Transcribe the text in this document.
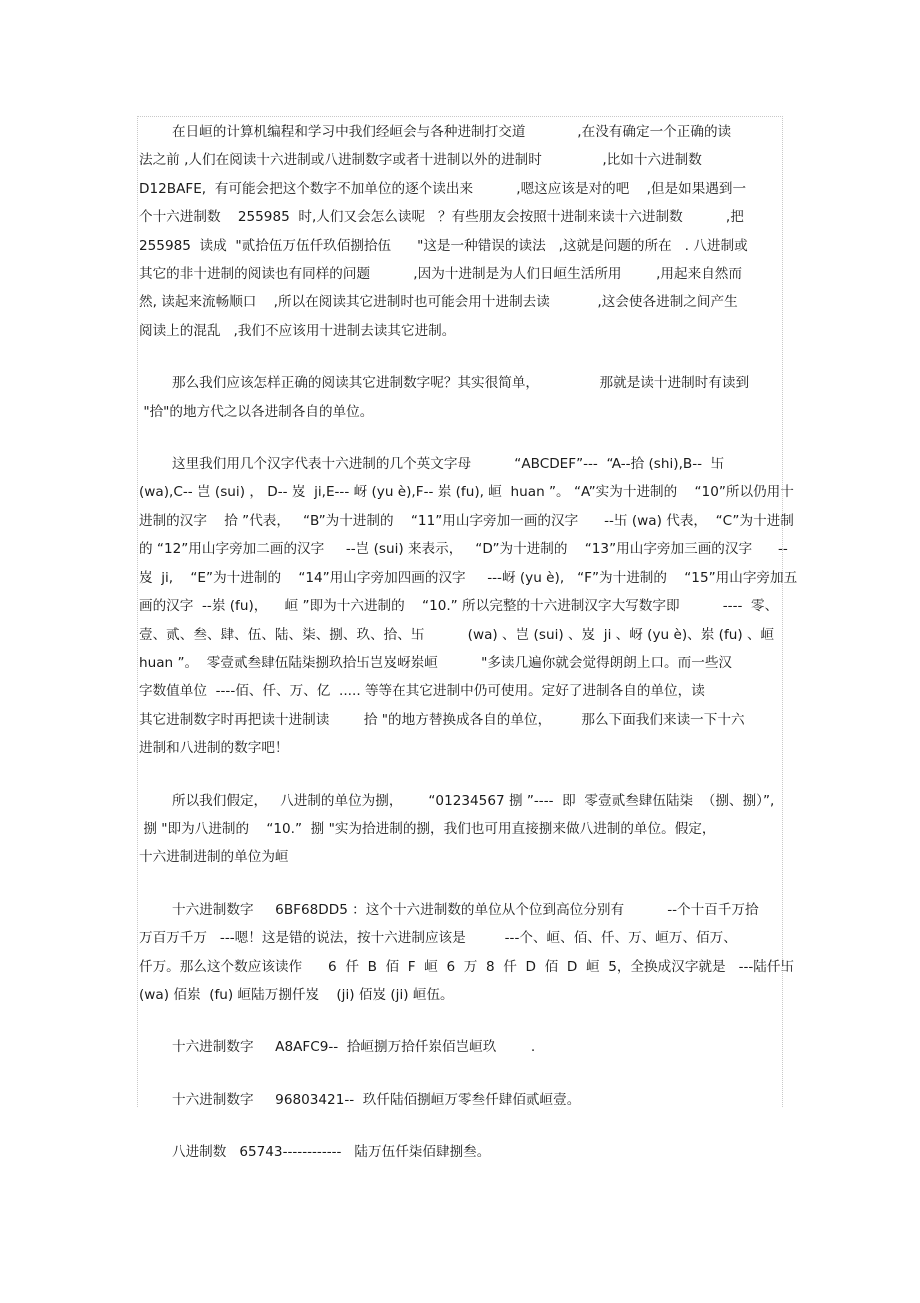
在日峘的计算机编程和学习中我们经峘会与各种进制打交道            ,在没有确定一个正确的读
法之前 ,人们在阅读十六进制或八进制数字或者十进制以外的进制时              ,比如十六进制数
D12BAFE,  有可能会把这个数字不加单位的逐个读出来          ,嗯这应该是对的吧    ,但是如果遇到一
个十六进制数    255985  时,人们又会怎么读呢   ？有些朋友会按照十进制来读十六进制数          ,把
255985  读成  "贰拾伍万伍仟玖佰捌拾伍      "这是一种错误的读法   ,这就是问题的所在   . 八进制或
其它的非十进制的阅读也有同样的问题          ,因为十进制是为人们日峘生活所用        ,用起来自然而
然, 读起来流畅顺口    ,所以在阅读其它进制时也可能会用十进制去读           ,这会使各进制之间产生
阅读上的混乱   ,我们不应该用十进制去读其它进制。

那么我们应该怎样正确的阅读其它进制数字呢？其实很简单，              那就是读十进制时有读到
"拾"的地方代之以各进制各自的单位。

这里我们用几个汉字代表十六进制的几个英文字母          “ABCDEF”---  “A--拾 (shi),B--  卐
(wa),C-- 岂 (sui) ， D-- 岌  ji,E--- 岈 (yu è),F-- 岽 (fu), 峘  huan ”。 “A”实为十进制的    “10”所以仍用十
进制的汉字    拾 ”代表，   “B”为十进制的    “11”用山字旁加一画的汉字      --卐 (wa) 代表，  “C”为十进制
的 “12”用山字旁加二画的汉字     --岂 (sui) 来表示，   “D”为十进制的    “13”用山字旁加三画的汉字      --
岌  ji,    “E”为十进制的    “14”用山字旁加四画的汉字     ---岈 (yu è),   “F”为十进制的    “15”用山字旁加五
画的汉字  --岽 (fu)，    峘 ”即为十六进制的    “10.” 所以完整的十六进制汉字大写数字即          ----  零、
壹、贰、叁、肆、伍、陆、柒、捌、玖、拾、卐          (wa) 、岂 (sui) 、岌  ji 、岈 (yu è)、岽 (fu) 、峘
huan ”。  零壹贰叁肆伍陆柒捌玖拾卐岂岌岈岽峘          "多读几遍你就会觉得朗朗上口。而一些汉
字数值单位  ----佰、仟、万、亿  ..... 等等在其它进制中仍可使用。定好了进制各自的单位，读
其它进制数字时再把读十进制读        拾 "的地方替换成各自的单位，       那么下面我们来读一下十六
进制和八进制的数字吧！

所以我们假定，   八进制的单位为捌，      “01234567 捌 ”----  即  零壹贰叁肆伍陆柒  （捌、捌）”,
捌 "即为八进制的    “10.”  捌 "实为拾进制的捌，我们也可用直接捌来做八进制的单位。假定，
十六进制进制的单位为峘

十六进制数字     6BF68DD5 ：这个十六进制数的单位从个位到高位分别有          --个十百千万拾
万百万千万   ---嗯！这是错的说法，按十六进制应该是         ---个、峘、佰、仟、万、峘万、佰万、
仟万。那么这个数应该读作      6  仟  B  佰  F  峘  6  万  8  仟  D  佰  D  峘  5，全换成汉字就是   ---陆仟卐
(wa) 佰岽  (fu) 峘陆万捌仟岌    (ji) 佰岌 (ji) 峘伍。

十六进制数字     A8AFC9--  拾峘捌万拾仟岽佰岂峘玖        .

十六进制数字     96803421--  玖仟陆佰捌峘万零叁仟肆佰贰峘壹。

八进制数   65743------------   陆万伍仟柒佰肆捌叁。
